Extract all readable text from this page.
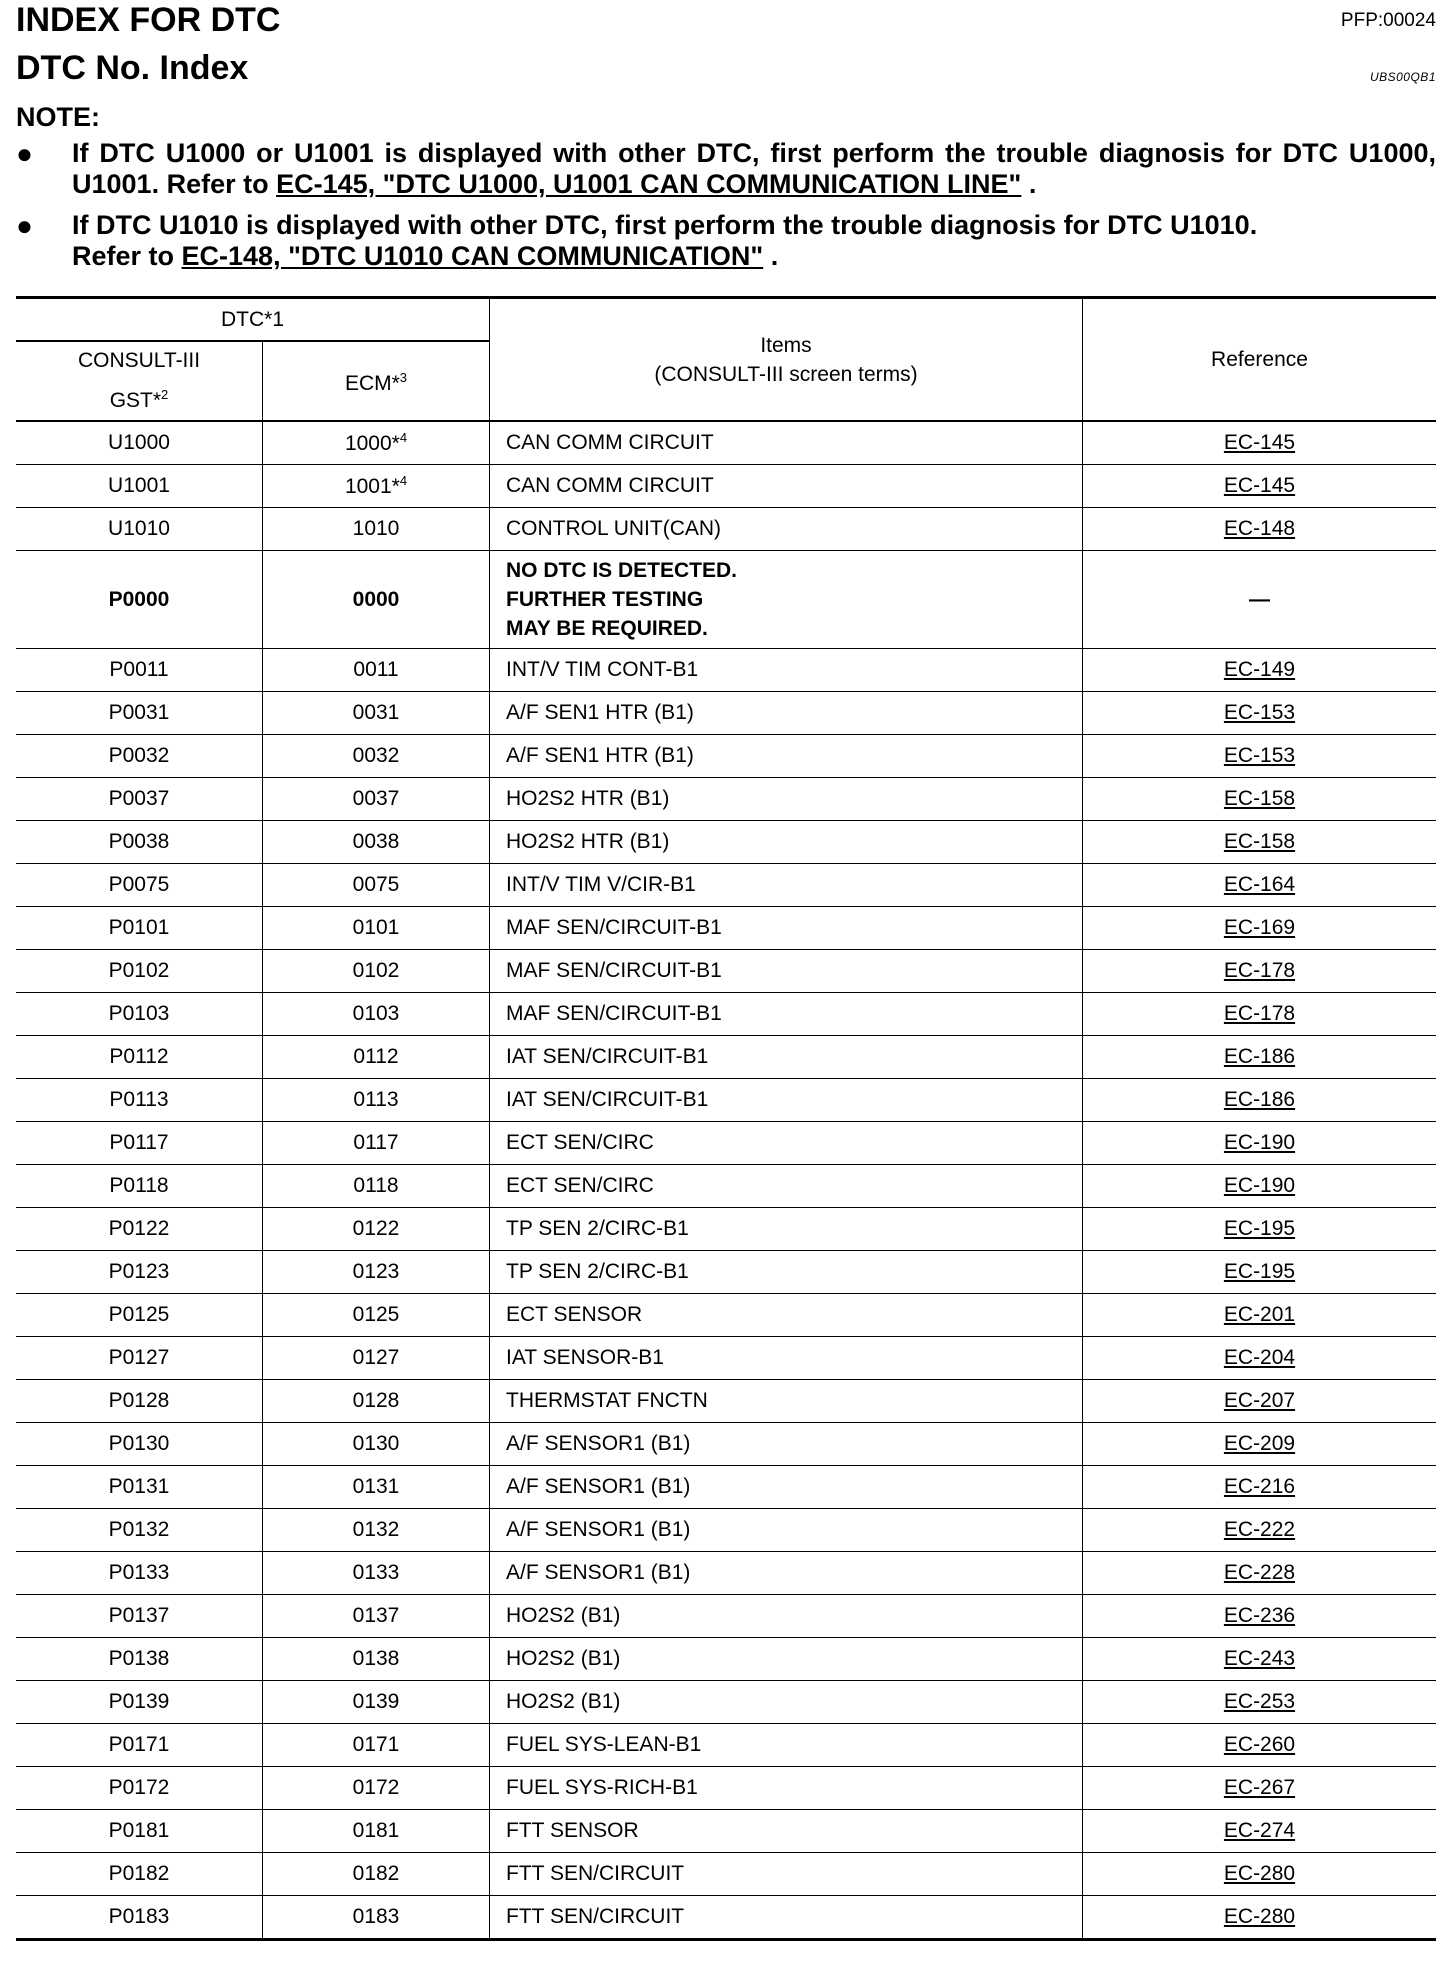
INDEX FOR DTC	PFP:00024
DTC No. Index	UBS00QB1
NOTE:
● If DTC U1000 or U1001 is displayed with other DTC, first perform the trouble diagnosis for DTC U1000, U1001. Refer to EC-145, "DTC U1000, U1001 CAN COMMUNICATION LINE" .
● If DTC U1010 is displayed with other DTC, first perform the trouble diagnosis for DTC U1010.
Refer to EC-148, "DTC U1010 CAN COMMUNICATION" .
DTC*1		Items
(CONSULT-III screen terms)	Reference

CONSULT-III
GST*$^2$	ECM*$^3$
U1000	1000*$^4$	CAN COMM CIRCUIT	EC-145
U1001	1001*$^4$	CAN COMM CIRCUIT	EC-145
U1010	1010	CONTROL UNIT(CAN)	EC-148
P0000	0000	NO DTC IS DETECTED.
FURTHER TESTING
MAY BE REQUIRED.	—
P0011	0011	INT/V TIM CONT-B1	EC-149
P0031	0031	A/F SEN1 HTR (B1)	EC-153
P0032	0032	A/F SEN1 HTR (B1)	EC-153
P0037	0037	HO2S2 HTR (B1)	EC-158
P0038	0038	HO2S2 HTR (B1)	EC-158
P0075	0075	INT/V TIM V/CIR-B1	EC-164
P0101	0101	MAF SEN/CIRCUIT-B1	EC-169
P0102	0102	MAF SEN/CIRCUIT-B1	EC-178
P0103	0103	MAF SEN/CIRCUIT-B1	EC-178
P0112	0112	IAT SEN/CIRCUIT-B1	EC-186
P0113	0113	IAT SEN/CIRCUIT-B1	EC-186
P0117	0117	ECT SEN/CIRC	EC-190
P0118	0118	ECT SEN/CIRC	EC-190
P0122	0122	TP SEN 2/CIRC-B1	EC-195
P0123	0123	TP SEN 2/CIRC-B1	EC-195
P0125	0125	ECT SENSOR	EC-201
P0127	0127	IAT SENSOR-B1	EC-204
P0128	0128	THERMSTAT FNCTN	EC-207
P0130	0130	A/F SENSOR1 (B1)	EC-209
P0131	0131	A/F SENSOR1 (B1)	EC-216
P0132	0132	A/F SENSOR1 (B1)	EC-222
P0133	0133	A/F SENSOR1 (B1)	EC-228
P0137	0137	HO2S2 (B1)	EC-236
P0138	0138	HO2S2 (B1)	EC-243
P0139	0139	HO2S2 (B1)	EC-253
P0171	0171	FUEL SYS-LEAN-B1	EC-260
P0172	0172	FUEL SYS-RICH-B1	EC-267
P0181	0181	FTT SENSOR	EC-274
P0182	0182	FTT SEN/CIRCUIT	EC-280
P0183	0183	FTT SEN/CIRCUIT	EC-280
